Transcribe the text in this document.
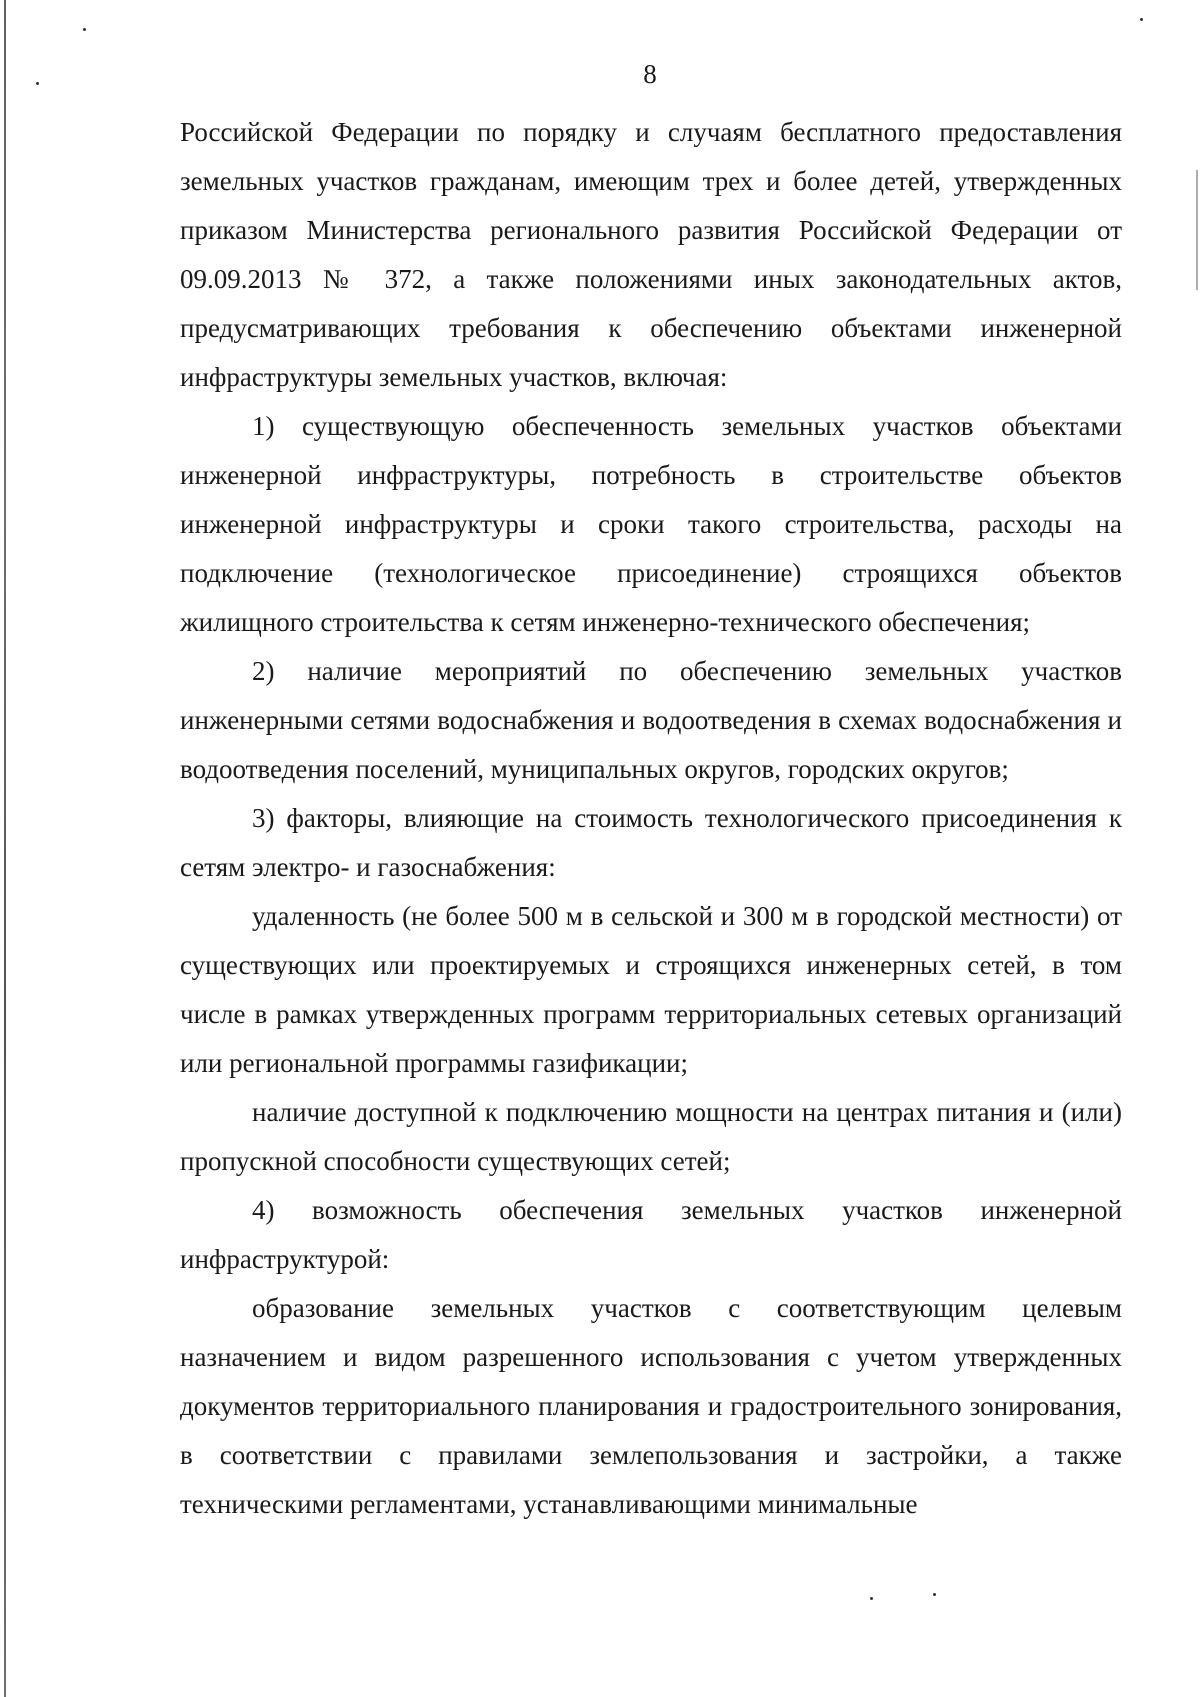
8

Российской Федерации по порядку и случаям бесплатного предоставления земельных участков гражданам, имеющим трех и более детей, утвержденных приказом Министерства регионального развития Российской Федерации от 09.09.2013 № 372, а также положениями иных законодательных актов, предусматривающих требования к обеспечению объектами инженерной инфраструктуры земельных участков, включая:

1) существующую обеспеченность земельных участков объектами инженерной инфраструктуры, потребность в строительстве объектов инженерной инфраструктуры и сроки такого строительства, расходы на подключение (технологическое присоединение) строящихся объектов жилищного строительства к сетям инженерно-технического обеспечения;

2) наличие мероприятий по обеспечению земельных участков инженерными сетями водоснабжения и водоотведения в схемах водоснабжения и водоотведения поселений, муниципальных округов, городских округов;

3) факторы, влияющие на стоимость технологического присоединения к сетям электро- и газоснабжения:

удаленность (не более 500 м в сельской и 300 м в городской местности) от существующих или проектируемых и строящихся инженерных сетей, в том числе в рамках утвержденных программ территориальных сетевых организаций или региональной программы газификации;

наличие доступной к подключению мощности на центрах питания и (или) пропускной способности существующих сетей;

4) возможность обеспечения земельных участков инженерной инфраструктурой:

образование земельных участков с соответствующим целевым назначением и видом разрешенного использования с учетом утвержденных документов территориального планирования и градостроительного зонирования, в соответствии с правилами землепользования и застройки, а также техническими регламентами, устанавливающими минимальные
